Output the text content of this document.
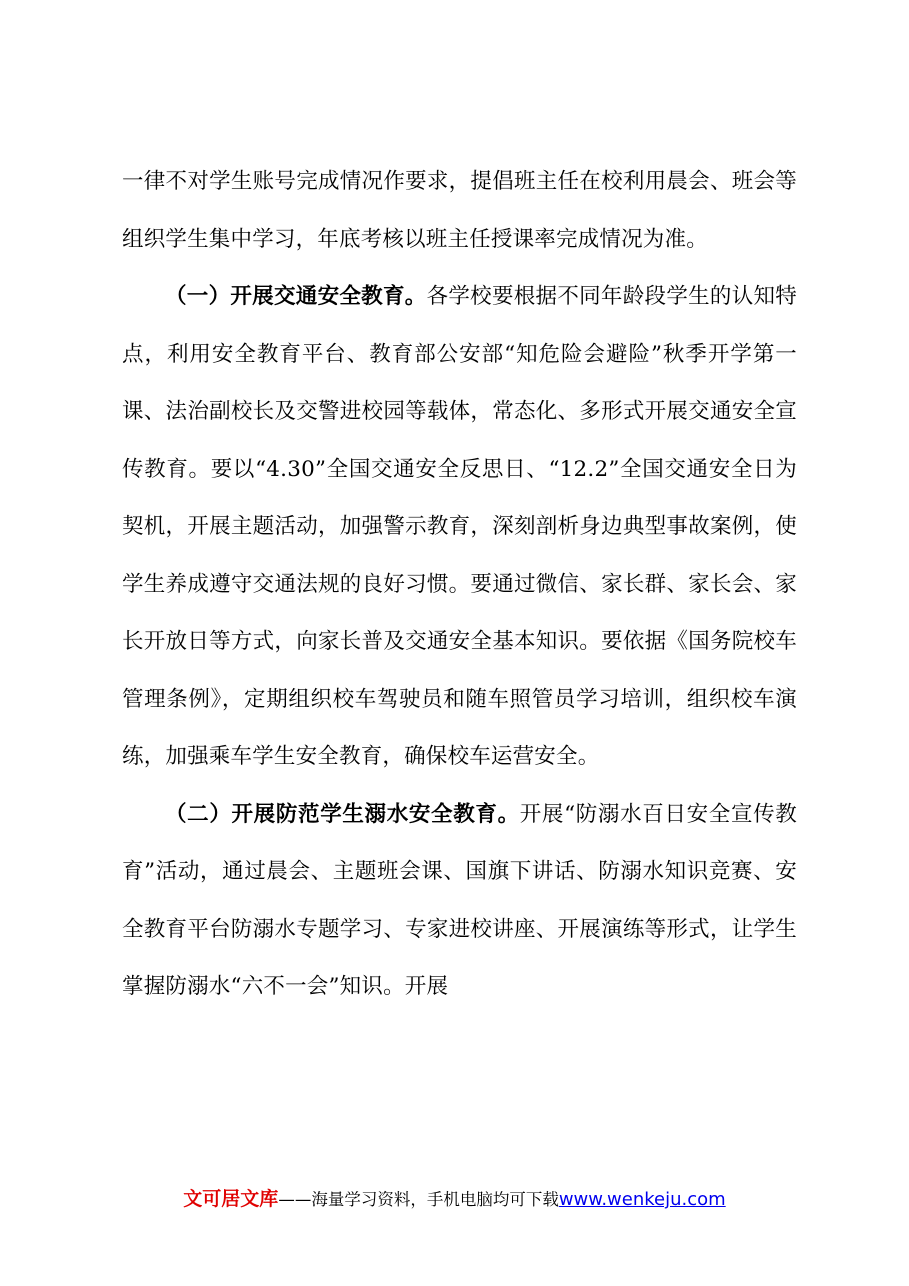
一律不对学生账号完成情况作要求，提倡班主任在校利用晨会、班会等组织学生集中学习，年底考核以班主任授课率完成情况为准。

（一）开展交通安全教育。各学校要根据不同年龄段学生的认知特点，利用安全教育平台、教育部公安部“知危险会避险”秋季开学第一课、法治副校长及交警进校园等载体，常态化、多形式开展交通安全宣传教育。要以“4.30”全国交通安全反思日、“12.2”全国交通安全日为契机，开展主题活动，加强警示教育，深刻剖析身边典型事故案例，使学生养成遵守交通法规的良好习惯。要通过微信、家长群、家长会、家长开放日等方式，向家长普及交通安全基本知识。要依据《国务院校车管理条例》，定期组织校车驾驶员和随车照管员学习培训，组织校车演练，加强乘车学生安全教育，确保校车运营安全。

（二）开展防范学生溺水安全教育。开展“防溺水百日安全宣传教育”活动，通过晨会、主题班会课、国旗下讲话、防溺水知识竞赛、安全教育平台防溺水专题学习、专家进校讲座、开展演练等形式，让学生掌握防溺水“六不一会”知识。开展

文可居文库——海量学习资料，手机电脑均可下载www.wenkeju.com
